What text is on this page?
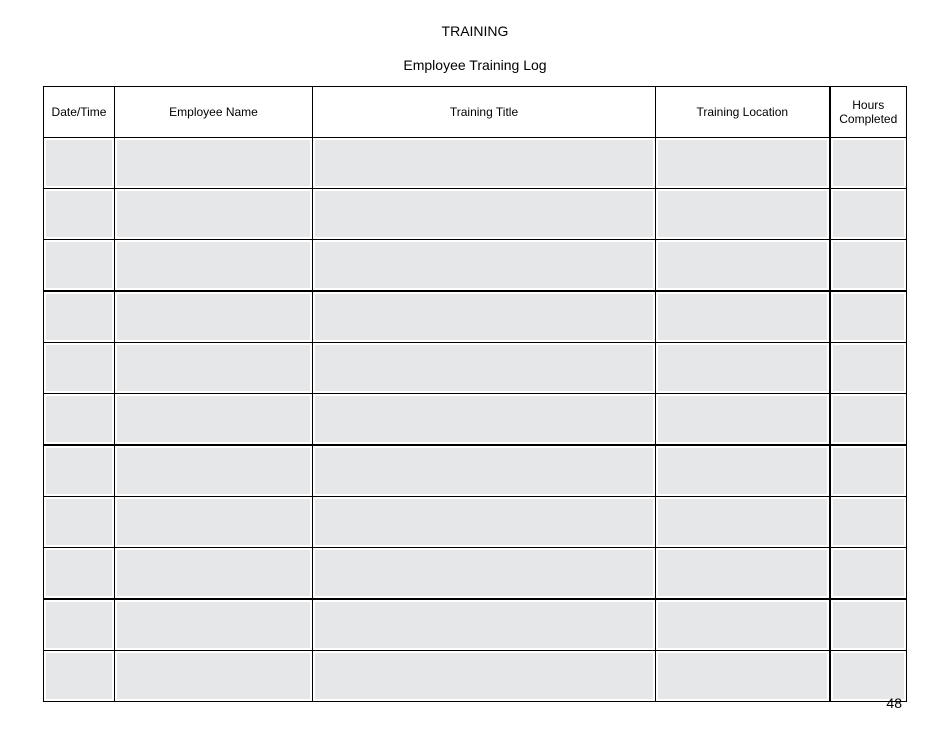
TRAINING
Employee Training Log
Date/Time	Employee Name	Training Title	Training Location	Hours Completed

48
